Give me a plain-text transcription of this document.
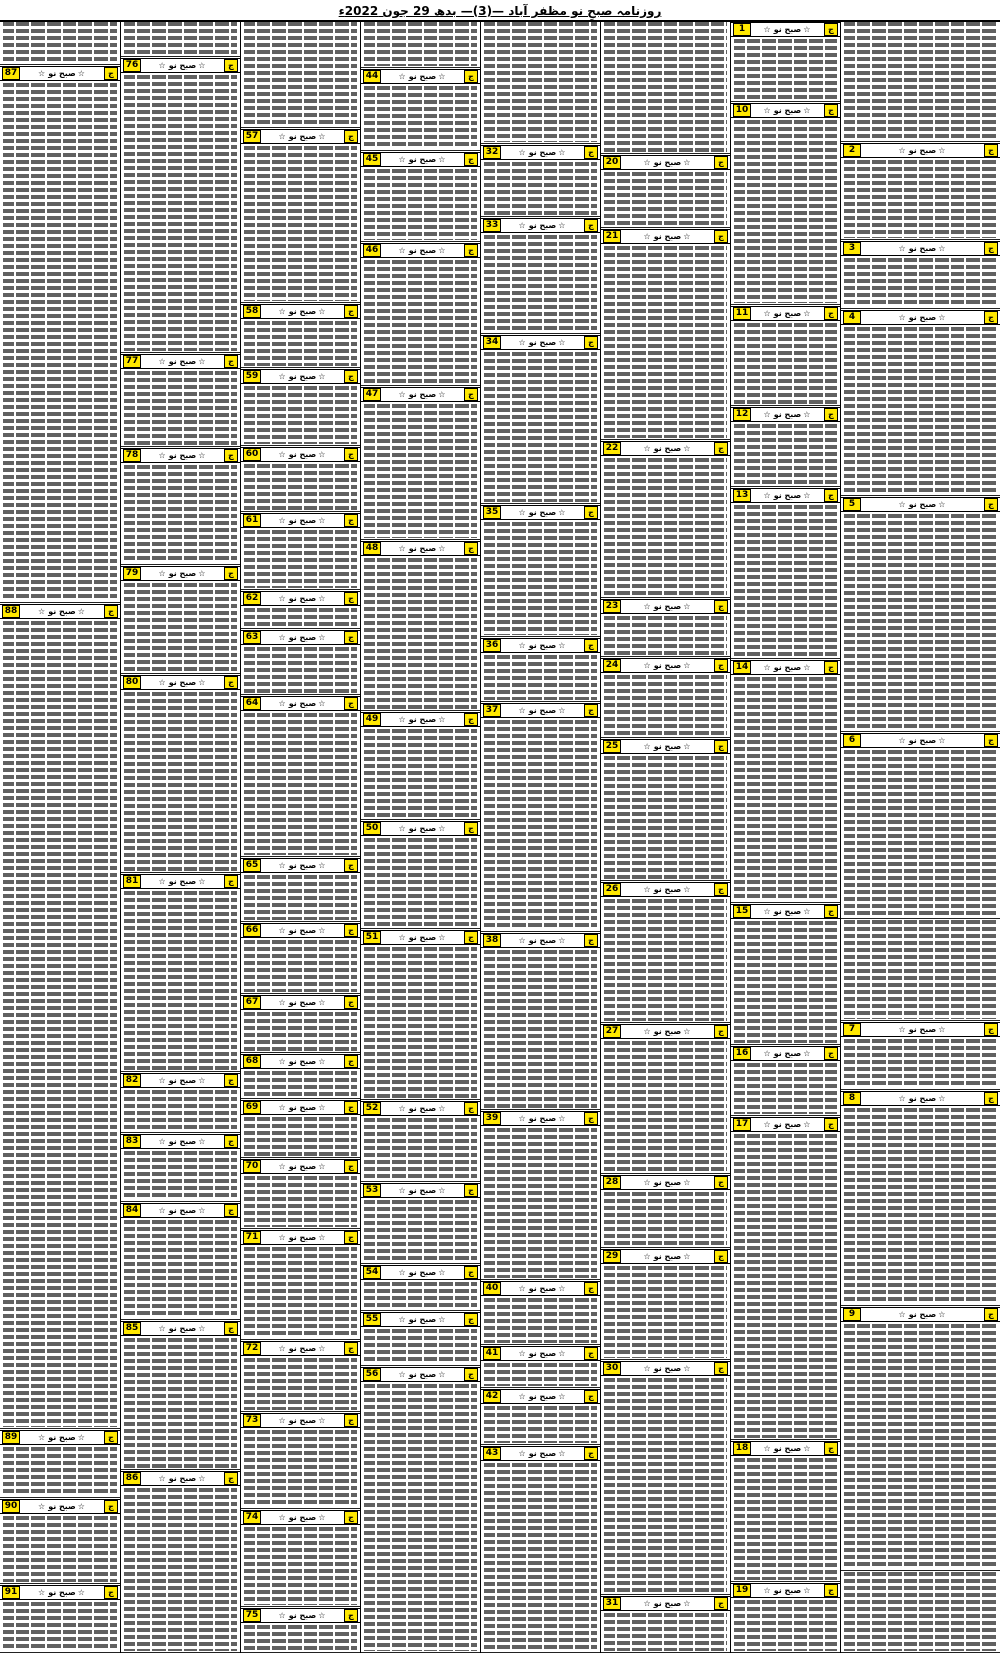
روزنامہ صبحِ نو مظفر آباد —(3)— بدھ 29 جون 2022ء
2	☆ صبح نو ☆	ج
3	☆ صبح نو ☆	ج
4	☆ صبح نو ☆	ج
5	☆ صبح نو ☆	ج
6	☆ صبح نو ☆	ج
7	☆ صبح نو ☆	ج
8	☆ صبح نو ☆	ج
9	☆ صبح نو ☆	ج
1	☆ صبح نو ☆	ج
10	☆ صبح نو ☆	ج
11	☆ صبح نو ☆	ج
12	☆ صبح نو ☆	ج
13	☆ صبح نو ☆	ج
14	☆ صبح نو ☆	ج
15	☆ صبح نو ☆	ج
16	☆ صبح نو ☆	ج
17	☆ صبح نو ☆	ج
18	☆ صبح نو ☆	ج
19	☆ صبح نو ☆	ج
20	☆ صبح نو ☆	ج
21	☆ صبح نو ☆	ج
22	☆ صبح نو ☆	ج
23	☆ صبح نو ☆	ج
24	☆ صبح نو ☆	ج
25	☆ صبح نو ☆	ج
26	☆ صبح نو ☆	ج
27	☆ صبح نو ☆	ج
28	☆ صبح نو ☆	ج
29	☆ صبح نو ☆	ج
30	☆ صبح نو ☆	ج
31	☆ صبح نو ☆	ج
32	☆ صبح نو ☆	ج
33	☆ صبح نو ☆	ج
34	☆ صبح نو ☆	ج
35	☆ صبح نو ☆	ج
36	☆ صبح نو ☆	ج
37	☆ صبح نو ☆	ج
38	☆ صبح نو ☆	ج
39	☆ صبح نو ☆	ج
40	☆ صبح نو ☆	ج
41	☆ صبح نو ☆	ج
42	☆ صبح نو ☆	ج
43	☆ صبح نو ☆	ج
44	☆ صبح نو ☆	ج
45	☆ صبح نو ☆	ج
46	☆ صبح نو ☆	ج
47	☆ صبح نو ☆	ج
48	☆ صبح نو ☆	ج
49	☆ صبح نو ☆	ج
50	☆ صبح نو ☆	ج
51	☆ صبح نو ☆	ج
52	☆ صبح نو ☆	ج
53	☆ صبح نو ☆	ج
54	☆ صبح نو ☆	ج
55	☆ صبح نو ☆	ج
56	☆ صبح نو ☆	ج
57	☆ صبح نو ☆	ج
58	☆ صبح نو ☆	ج
59	☆ صبح نو ☆	ج
60	☆ صبح نو ☆	ج
61	☆ صبح نو ☆	ج
62	☆ صبح نو ☆	ج
63	☆ صبح نو ☆	ج
64	☆ صبح نو ☆	ج
65	☆ صبح نو ☆	ج
66	☆ صبح نو ☆	ج
67	☆ صبح نو ☆	ج
68	☆ صبح نو ☆	ج
69	☆ صبح نو ☆	ج
70	☆ صبح نو ☆	ج
71	☆ صبح نو ☆	ج
72	☆ صبح نو ☆	ج
73	☆ صبح نو ☆	ج
74	☆ صبح نو ☆	ج
75	☆ صبح نو ☆	ج
76	☆ صبح نو ☆	ج
77	☆ صبح نو ☆	ج
78	☆ صبح نو ☆	ج
79	☆ صبح نو ☆	ج
80	☆ صبح نو ☆	ج
81	☆ صبح نو ☆	ج
82	☆ صبح نو ☆	ج
83	☆ صبح نو ☆	ج
84	☆ صبح نو ☆	ج
85	☆ صبح نو ☆	ج
86	☆ صبح نو ☆	ج
87	☆ صبح نو ☆	ج
88	☆ صبح نو ☆	ج
89	☆ صبح نو ☆	ج
90	☆ صبح نو ☆	ج
91	☆ صبح نو ☆	ج
